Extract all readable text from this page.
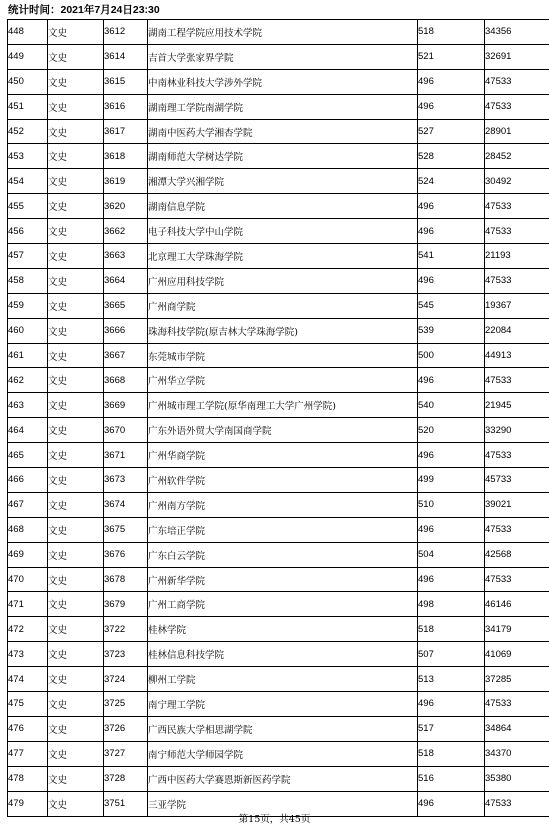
统计时间：2021年7月24日23:30
448	文史	3612	湖南工程学院应用技术学院	518	34356
449	文史	3614	吉首大学张家界学院	521	32691
450	文史	3615	中南林业科技大学涉外学院	496	47533
451	文史	3616	湖南理工学院南湖学院	496	47533
452	文史	3617	湖南中医药大学湘杏学院	527	28901
453	文史	3618	湖南师范大学树达学院	528	28452
454	文史	3619	湘潭大学兴湘学院	524	30492
455	文史	3620	湖南信息学院	496	47533
456	文史	3662	电子科技大学中山学院	496	47533
457	文史	3663	北京理工大学珠海学院	541	21193
458	文史	3664	广州应用科技学院	496	47533
459	文史	3665	广州商学院	545	19367
460	文史	3666	珠海科技学院(原吉林大学珠海学院)	539	22084
461	文史	3667	东莞城市学院	500	44913
462	文史	3668	广州华立学院	496	47533
463	文史	3669	广州城市理工学院(原华南理工大学广州学院)	540	21945
464	文史	3670	广东外语外贸大学南国商学院	520	33290
465	文史	3671	广州华商学院	496	47533
466	文史	3673	广州软件学院	499	45733
467	文史	3674	广州南方学院	510	39021
468	文史	3675	广东培正学院	496	47533
469	文史	3676	广东白云学院	504	42568
470	文史	3678	广州新华学院	496	47533
471	文史	3679	广州工商学院	498	46146
472	文史	3722	桂林学院	518	34179
473	文史	3723	桂林信息科技学院	507	41069
474	文史	3724	柳州工学院	513	37285
475	文史	3725	南宁理工学院	496	47533
476	文史	3726	广西民族大学相思湖学院	517	34864
477	文史	3727	南宁师范大学师园学院	518	34370
478	文史	3728	广西中医药大学赛恩斯新医药学院	516	35380
479	文史	3751	三亚学院	496	47533
第15页，共45页
